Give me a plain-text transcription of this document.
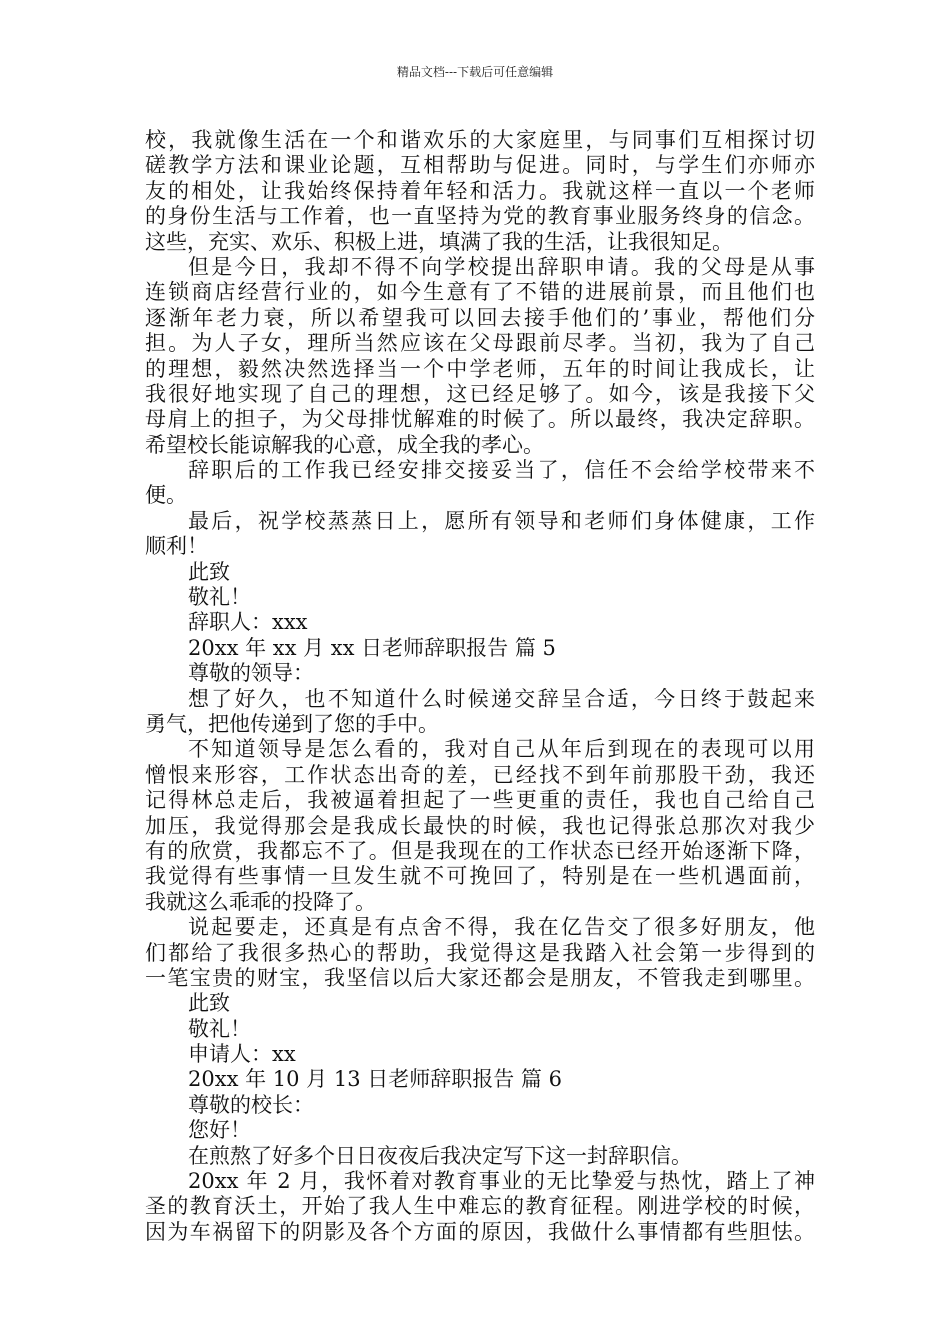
精品文档---下载后可任意编辑
校，我就像生活在一个和谐欢乐的大家庭里，与同事们互相探讨切
磋教学方法和课业论题，互相帮助与促进。同时，与学生们亦师亦
友的相处，让我始终保持着年轻和活力。我就这样一直以一个老师
的身份生活与工作着，也一直坚持为党的教育事业服务终身的信念。
这些，充实、欢乐、积极上进，填满了我的生活，让我很知足。
但是今日，我却不得不向学校提出辞职申请。我的父母是从事
连锁商店经营行业的，如今生意有了不错的进展前景，而且他们也
逐渐年老力衰，所以希望我可以回去接手他们的’事业，帮他们分
担。为人子女，理所当然应该在父母跟前尽孝。当初，我为了自己
的理想，毅然决然选择当一个中学老师，五年的时间让我成长，让
我很好地实现了自己的理想，这已经足够了。如今，该是我接下父
母肩上的担子，为父母排忧解难的时候了。所以最终，我决定辞职。
希望校长能谅解我的心意，成全我的孝心。
辞职后的工作我已经安排交接妥当了，信任不会给学校带来不
便。
最后，祝学校蒸蒸日上，愿所有领导和老师们身体健康，工作
顺利！
此致
敬礼！
辞职人：xxx
20xx 年 xx 月 xx 日老师辞职报告 篇 5
尊敬的领导：
想了好久，也不知道什么时候递交辞呈合适，今日终于鼓起来
勇气，把他传递到了您的手中。
不知道领导是怎么看的，我对自己从年后到现在的表现可以用
憎恨来形容，工作状态出奇的差，已经找不到年前那股干劲，我还
记得林总走后，我被逼着担起了一些更重的责任，我也自己给自己
加压，我觉得那会是我成长最快的时候，我也记得张总那次对我少
有的欣赏，我都忘不了。但是我现在的工作状态已经开始逐渐下降，
我觉得有些事情一旦发生就不可挽回了，特别是在一些机遇面前，
我就这么乖乖的投降了。
说起要走，还真是有点舍不得，我在亿告交了很多好朋友，他
们都给了我很多热心的帮助，我觉得这是我踏入社会第一步得到的
一笔宝贵的财宝，我坚信以后大家还都会是朋友，不管我走到哪里。
此致
敬礼！
申请人：xx
20xx 年 10 月 13 日老师辞职报告 篇 6
尊敬的校长：
您好！
在煎熬了好多个日日夜夜后我决定写下这一封辞职信。
20xx 年 2 月，我怀着对教育事业的无比挚爱与热忱，踏上了神
圣的教育沃土，开始了我人生中难忘的教育征程。刚进学校的时候，
因为车祸留下的阴影及各个方面的原因，我做什么事情都有些胆怯。
